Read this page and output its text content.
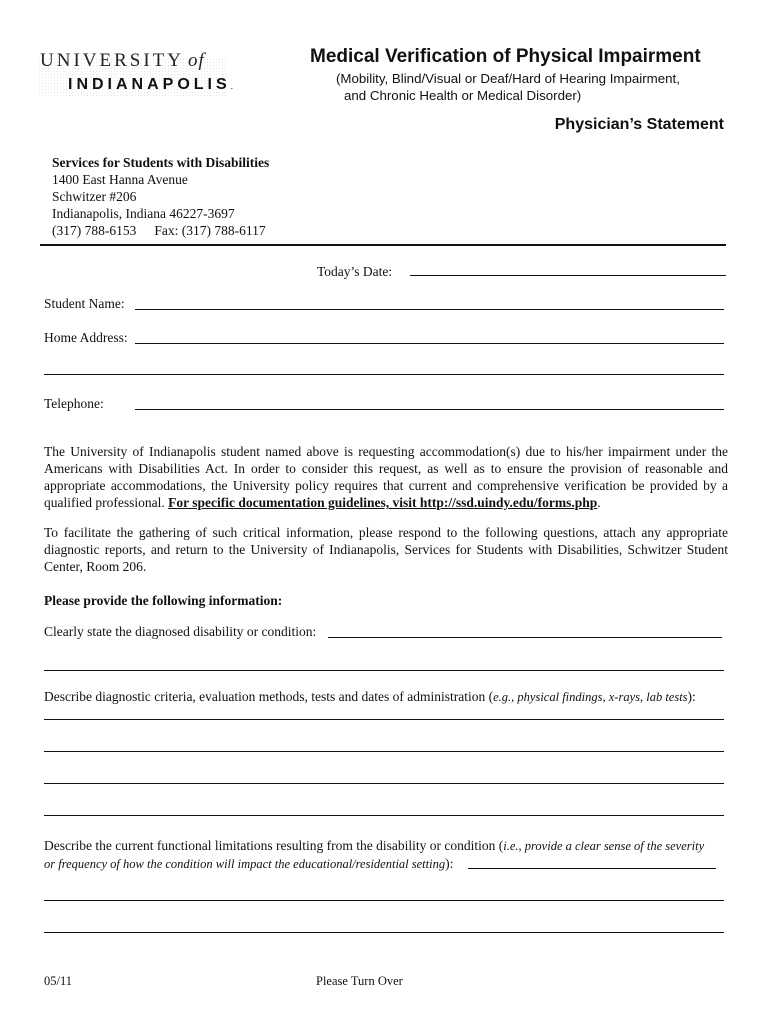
UNIVERSITY of
INDIANAPOLIS.
Medical Verification of Physical Impairment
(Mobility, Blind/Visual or Deaf/Hard of Hearing Impairment,
and Chronic Health or Medical Disorder)
Physician’s Statement
Services for Students with Disabilities
1400 East Hanna Avenue
Schwitzer #206
Indianapolis, Indiana 46227-3697
(317) 788-6153 Fax: (317) 788-6117
Today’s Date:
Student Name:
Home Address:
Telephone:
The University of Indianapolis student named above is requesting accommodation(s) due to his/her impairment under the Americans with Disabilities Act. In order to consider this request, as well as to ensure the provision of reasonable and appropriate accommodations, the University policy requires that current and comprehensive verification be provided by a qualified professional. For specific documentation guidelines, visit http://ssd.uindy.edu/forms.php.
To facilitate the gathering of such critical information, please respond to the following questions, attach any appropriate diagnostic reports, and return to the University of Indianapolis, Services for Students with Disabilities, Schwitzer Student Center, Room 206.
Please provide the following information:
Clearly state the diagnosed disability or condition:
Describe diagnostic criteria, evaluation methods, tests and dates of administration (e.g., physical findings, x-rays, lab tests):
Describe the current functional limitations resulting from the disability or condition (i.e., provide a clear sense of the severity
or frequency of how the condition will impact the educational/residential setting):
05/11	Please Turn Over
